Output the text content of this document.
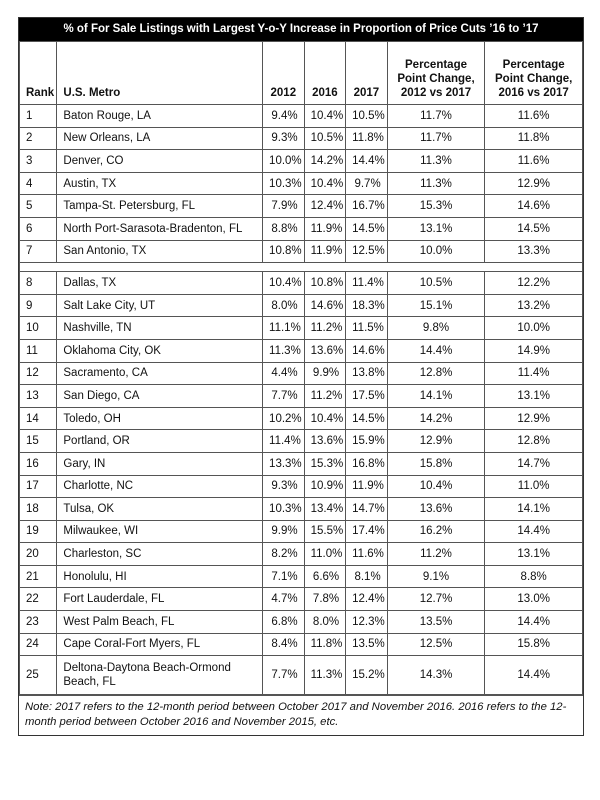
% of For Sale Listings with Largest Y-o-Y Increase in Proportion of Price Cuts ’16 to ’17
Rank	U.S. Metro	2012	2016	2017	Percentage Point Change, 2012 vs 2017	Percentage Point Change, 2016 vs 2017
1	Baton Rouge, LA	9.4%	10.4%	10.5%	11.7%	11.6%
2	New Orleans, LA	9.3%	10.5%	11.8%	11.7%	11.8%
3	Denver, CO	10.0%	14.2%	14.4%	11.3%	11.6%
4	Austin, TX	10.3%	10.4%	9.7%	11.3%	12.9%
5	Tampa-St. Petersburg, FL	7.9%	12.4%	16.7%	15.3%	14.6%
6	North Port-Sarasota-Bradenton, FL	8.8%	11.9%	14.5%	13.1%	14.5%
7	San Antonio, TX	10.8%	11.9%	12.5%	10.0%	13.3%

8	Dallas, TX	10.4%	10.8%	11.4%	10.5%	12.2%
9	Salt Lake City, UT	8.0%	14.6%	18.3%	15.1%	13.2%
10	Nashville, TN	11.1%	11.2%	11.5%	9.8%	10.0%
11	Oklahoma City, OK	11.3%	13.6%	14.6%	14.4%	14.9%
12	Sacramento, CA	4.4%	9.9%	13.8%	12.8%	11.4%
13	San Diego, CA	7.7%	11.2%	17.5%	14.1%	13.1%
14	Toledo, OH	10.2%	10.4%	14.5%	14.2%	12.9%
15	Portland, OR	11.4%	13.6%	15.9%	12.9%	12.8%
16	Gary, IN	13.3%	15.3%	16.8%	15.8%	14.7%
17	Charlotte, NC	9.3%	10.9%	11.9%	10.4%	11.0%
18	Tulsa, OK	10.3%	13.4%	14.7%	13.6%	14.1%
19	Milwaukee, WI	9.9%	15.5%	17.4%	16.2%	14.4%
20	Charleston, SC	8.2%	11.0%	11.6%	11.2%	13.1%
21	Honolulu, HI	7.1%	6.6%	8.1%	9.1%	8.8%
22	Fort Lauderdale, FL	4.7%	7.8%	12.4%	12.7%	13.0%
23	West Palm Beach, FL	6.8%	8.0%	12.3%	13.5%	14.4%
24	Cape Coral-Fort Myers, FL	8.4%	11.8%	13.5%	12.5%	15.8%
25	Deltona-Daytona Beach-Ormond Beach, FL	7.7%	11.3%	15.2%	14.3%	14.4%
Note: 2017 refers to the 12-month period between October 2017 and November 2016. 2016 refers to the 12-month period between October 2016 and November 2015, etc.
